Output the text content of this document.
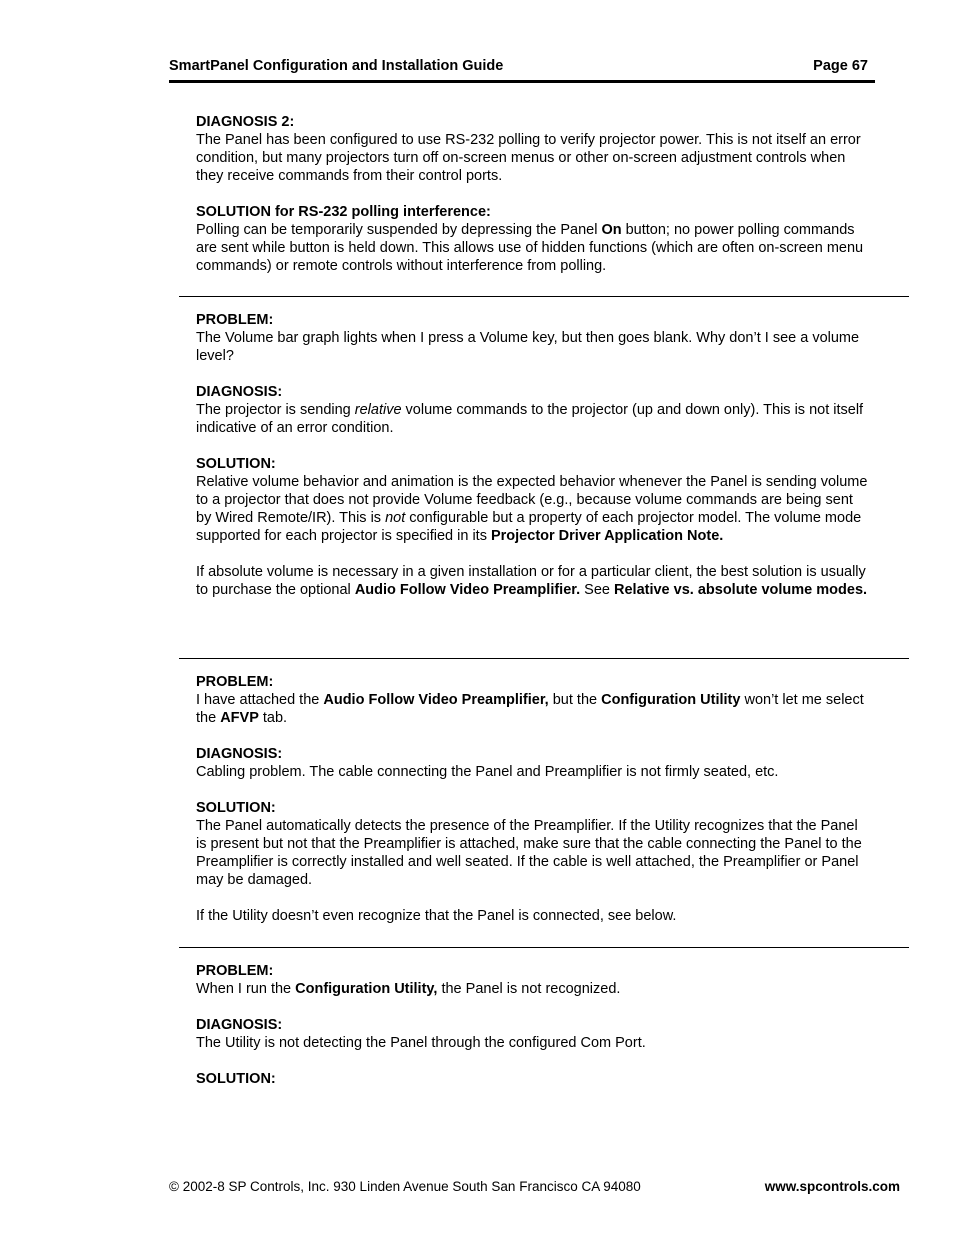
SmartPanel Configuration and Installation Guide	Page 67
DIAGNOSIS 2:
The Panel has been configured to use RS-232 polling to verify projector power. This is not itself an error condition, but many projectors turn off on-screen menus or other on-screen adjustment controls when they receive commands from their control ports.
SOLUTION for RS-232 polling interference:
Polling can be temporarily suspended by depressing the Panel On button; no power polling commands are sent while button is held down. This allows use of hidden functions (which are often on-screen menu commands) or remote controls without interference from polling.
PROBLEM:
The Volume bar graph lights when I press a Volume key, but then goes blank. Why don’t I see a volume level?
DIAGNOSIS:
The projector is sending relative volume commands to the projector (up and down only). This is not itself indicative of an error condition.
SOLUTION:
Relative volume behavior and animation is the expected behavior whenever the Panel is sending volume to a projector that does not provide Volume feedback (e.g., because volume commands are being sent by Wired Remote/IR). This is not configurable but a property of each projector model. The volume mode supported for each projector is specified in its Projector Driver Application Note.
If absolute volume is necessary in a given installation or for a particular client, the best solution is usually to purchase the optional Audio Follow Video Preamplifier. See Relative vs. absolute volume modes.
PROBLEM:
I have attached the Audio Follow Video Preamplifier, but the Configuration Utility won’t let me select the AFVP tab.
DIAGNOSIS:
Cabling problem. The cable connecting the Panel and Preamplifier is not firmly seated, etc.
SOLUTION:
The Panel automatically detects the presence of the Preamplifier. If the Utility recognizes that the Panel is present but not that the Preamplifier is attached, make sure that the cable connecting the Panel to the Preamplifier is correctly installed and well seated. If the cable is well attached, the Preamplifier or Panel may be damaged.
If the Utility doesn’t even recognize that the Panel is connected, see below.
PROBLEM:
When I run the Configuration Utility, the Panel is not recognized.
DIAGNOSIS:
The Utility is not detecting the Panel through the configured Com Port.
SOLUTION:
© 2002-8 SP Controls, Inc. 930 Linden Avenue South San Francisco CA 94080	www.spcontrols.com
